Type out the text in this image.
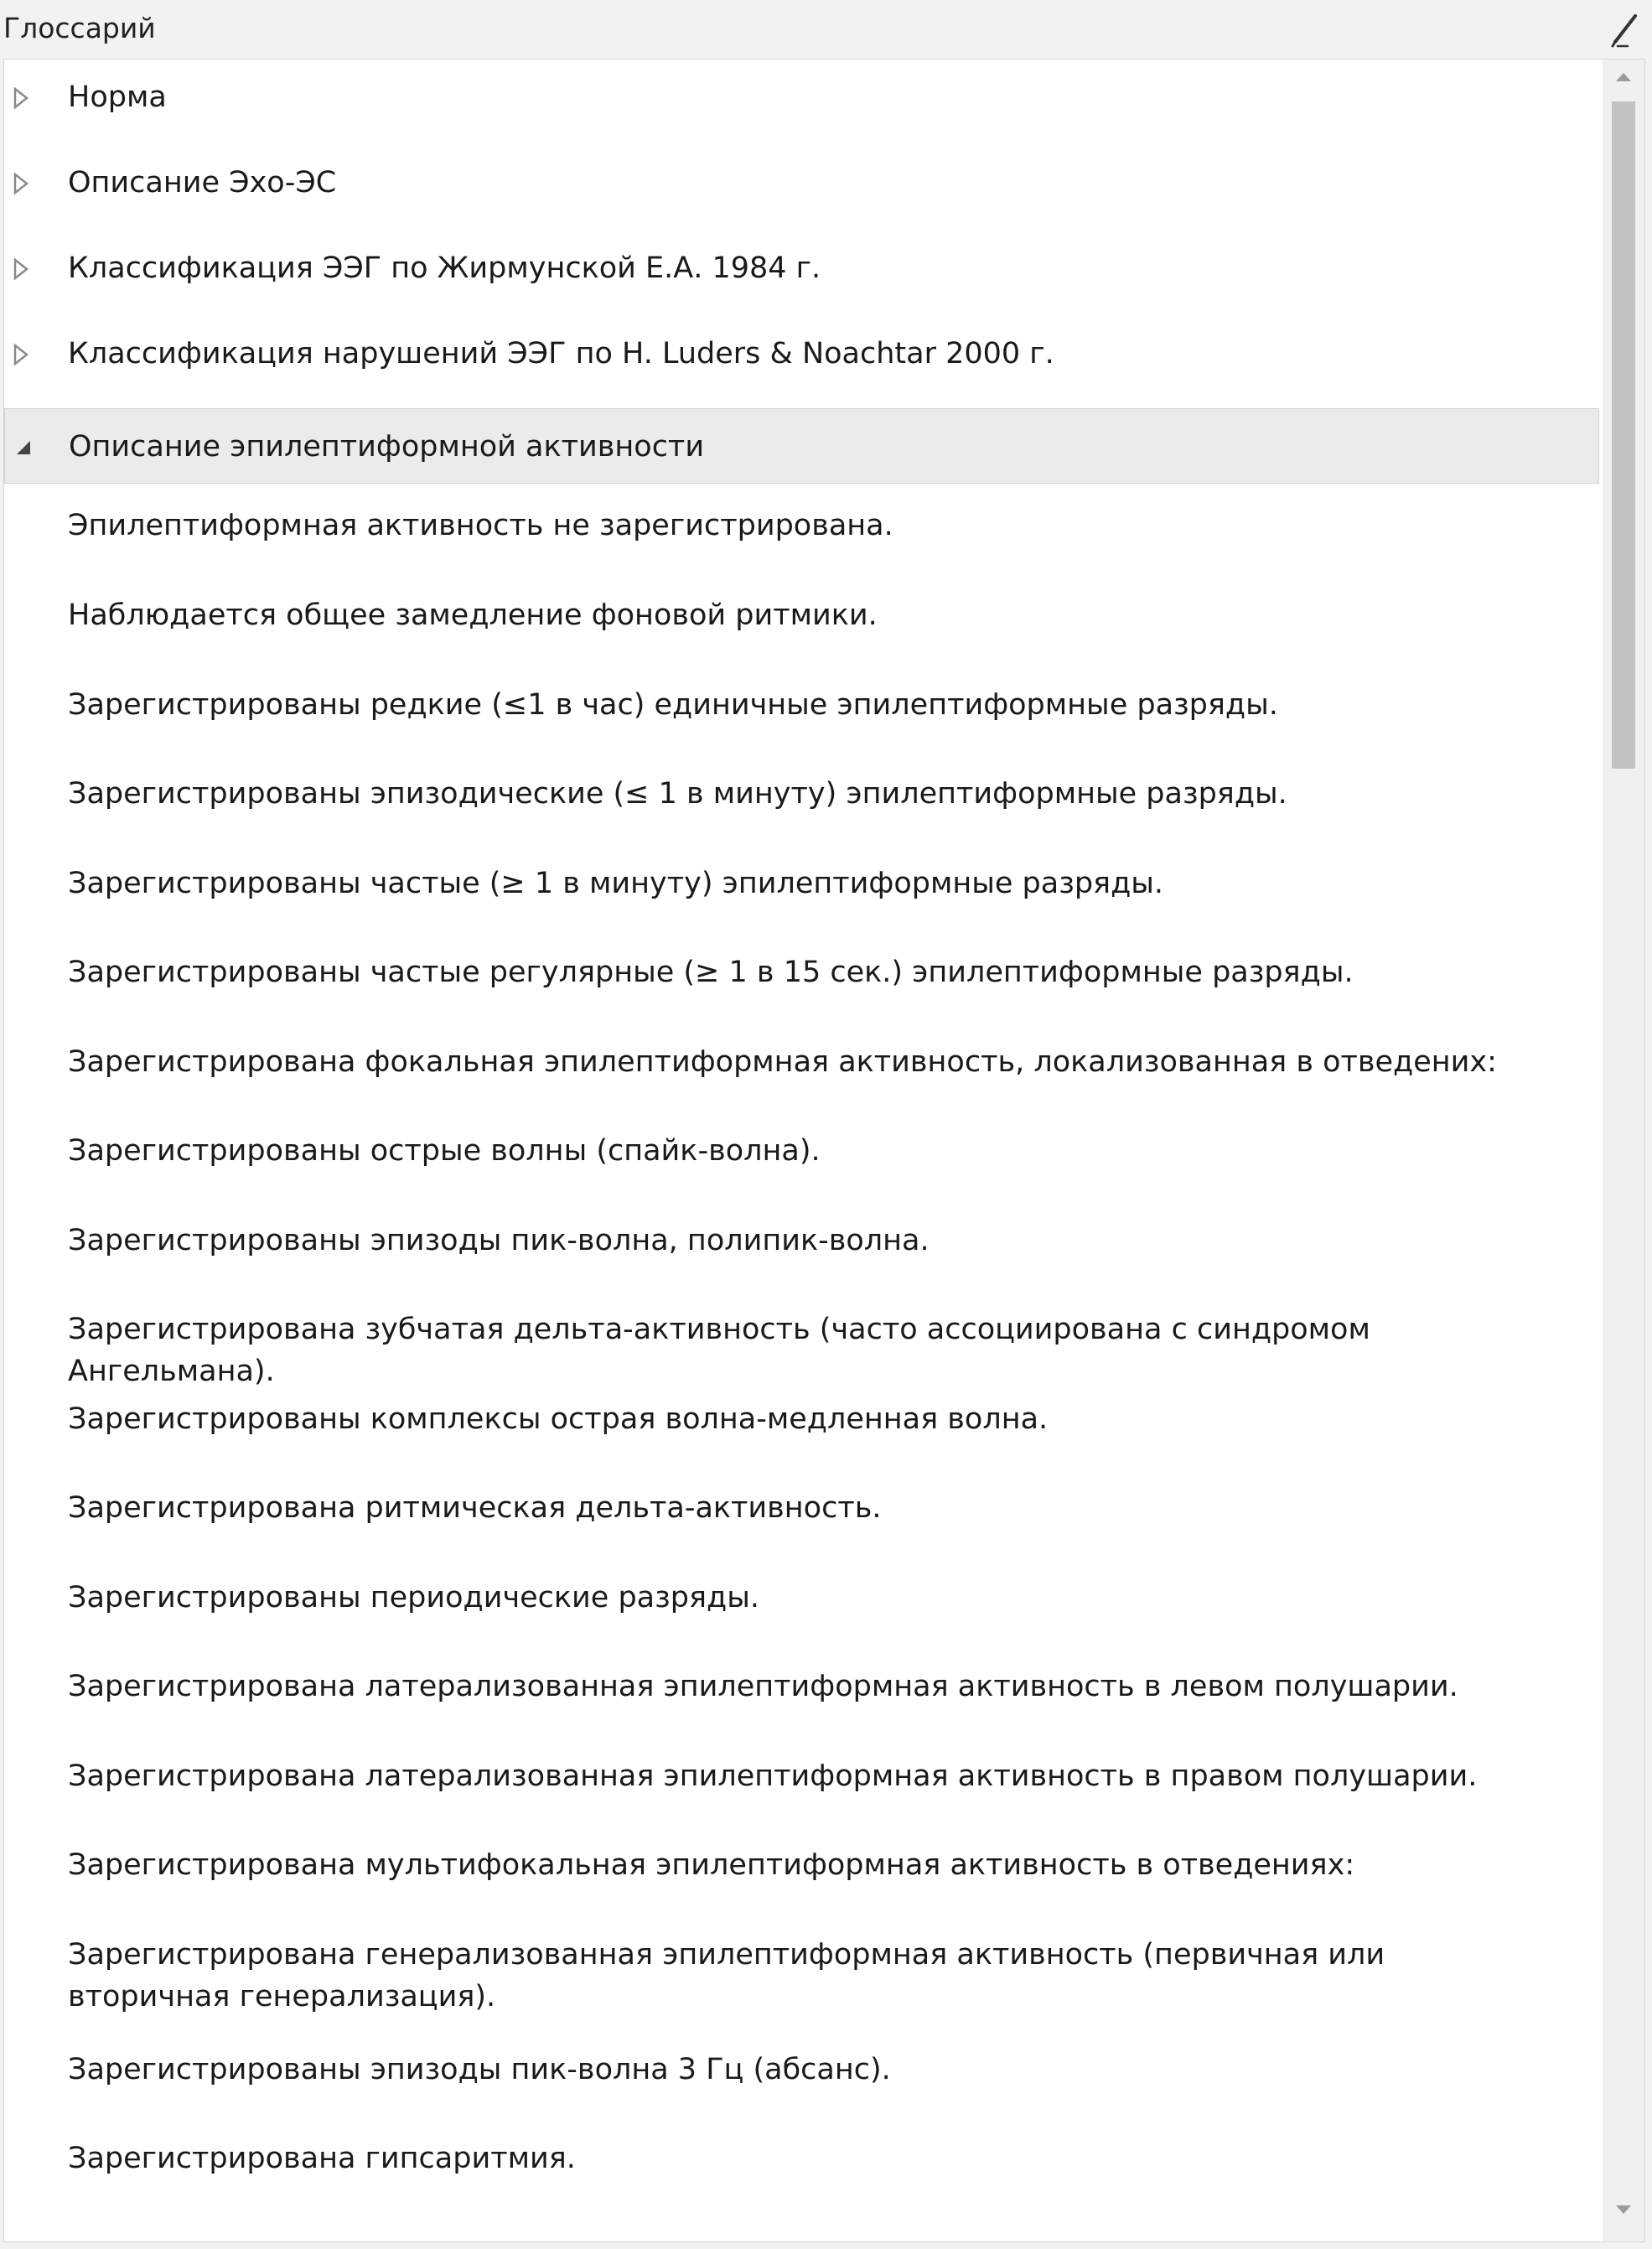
Глоссарий
Норма
Описание Эхо-ЭС
Классификация ЭЭГ по Жирмунской Е.А. 1984 г.
Классификация нарушений ЭЭГ по H. Luders & Noachtar 2000 г.
Описание эпилептиформной активности
Эпилептиформная активность не зарегистрирована.
Наблюдается общее замедление фоновой ритмики.
Зарегистрированы редкие (≤1 в час) единичные эпилептиформные разряды.
Зарегистрированы эпизодические (≤ 1 в минуту) эпилептиформные разряды.
Зарегистрированы частые (≥ 1 в минуту) эпилептиформные разряды.
Зарегистрированы частые регулярные (≥ 1 в 15 сек.) эпилептиформные разряды.
Зарегистрирована фокальная эпилептиформная активность, локализованная в отведених:
Зарегистрированы острые волны (спайк-волна).
Зарегистрированы эпизоды пик-волна, полипик-волна.
Зарегистрирована зубчатая дельта-активность (часто ассоциирована с синдромом Ангельмана).
Зарегистрированы комплексы острая волна-медленная волна.
Зарегистрирована ритмическая дельта-активность.
Зарегистрированы периодические разряды.
Зарегистрирована латерализованная эпилептиформная активность в левом полушарии.
Зарегистрирована латерализованная эпилептиформная активность в правом полушарии.
Зарегистрирована мультифокальная эпилептиформная активность в отведениях:
Зарегистрирована генерализованная эпилептиформная активность (первичная или вторичная генерализация).
Зарегистрированы эпизоды пик-волна 3 Гц (абсанс).
Зарегистрирована гипсаритмия.
